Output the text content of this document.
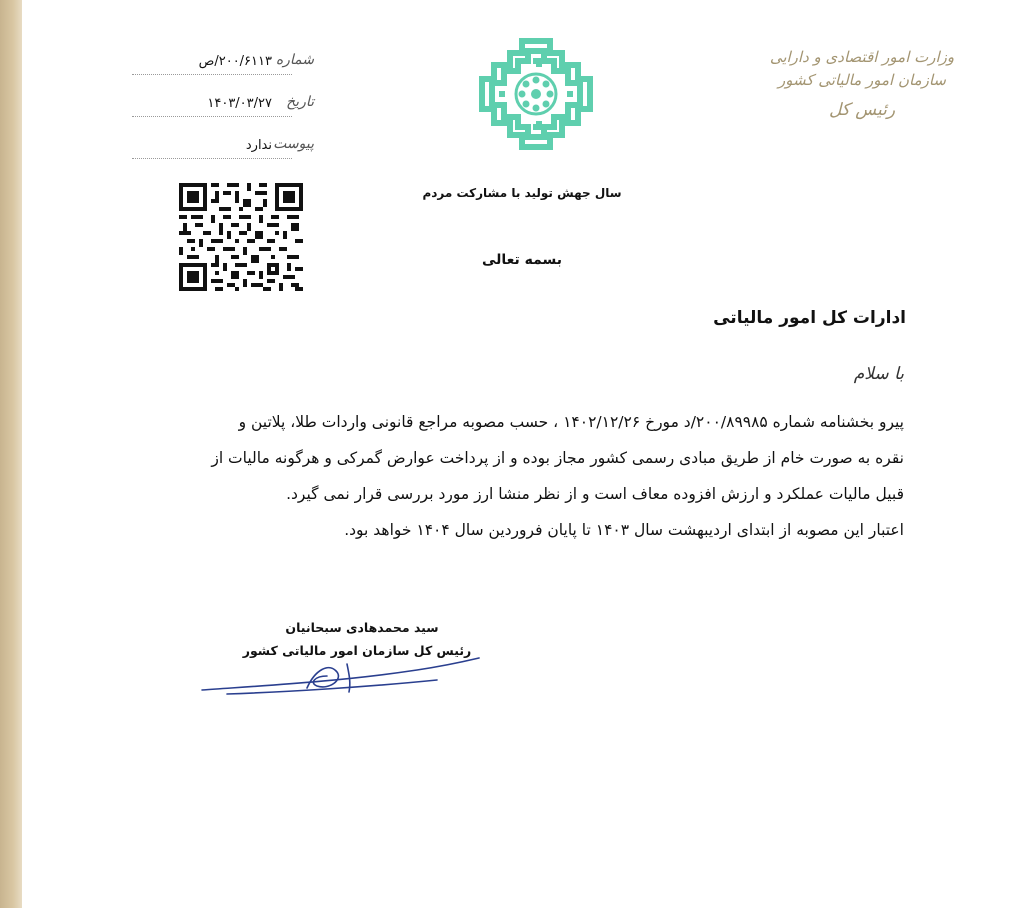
وزارت امور اقتصادی و دارایی
سازمان امور مالیاتی کشور
رئیس کل
سال جهش تولید با مشارکت مردم
بسمه تعالی
شماره
۲۰۰/۶۱۱۳/ص
تاریخ
۱۴۰۳/۰۳/۲۷
پیوست
ندارد
ادارات کل امور مالیاتی
با سلام
پیرو بخشنامه شماره ۲۰۰/۸۹۹۸۵/د مورخ ۱۴۰۲/۱۲/۲۶ ، حسب مصوبه مراجع قانونی واردات طلا، پلاتین و
نقره به صورت خام از طریق مبادی رسمی کشور مجاز بوده و از پرداخت عوارض گمرکی و هرگونه مالیات از
قبیل مالیات عملکرد و ارزش افزوده معاف است و از نظر منشا ارز مورد بررسی قرار نمی گیرد.
اعتبار این مصوبه از ابتدای اردیبهشت سال ۱۴۰۳ تا پایان فروردین سال ۱۴۰۴ خواهد بود.
سید محمدهادی سبحانیان
رئیس کل سازمان امور مالیاتی کشور
